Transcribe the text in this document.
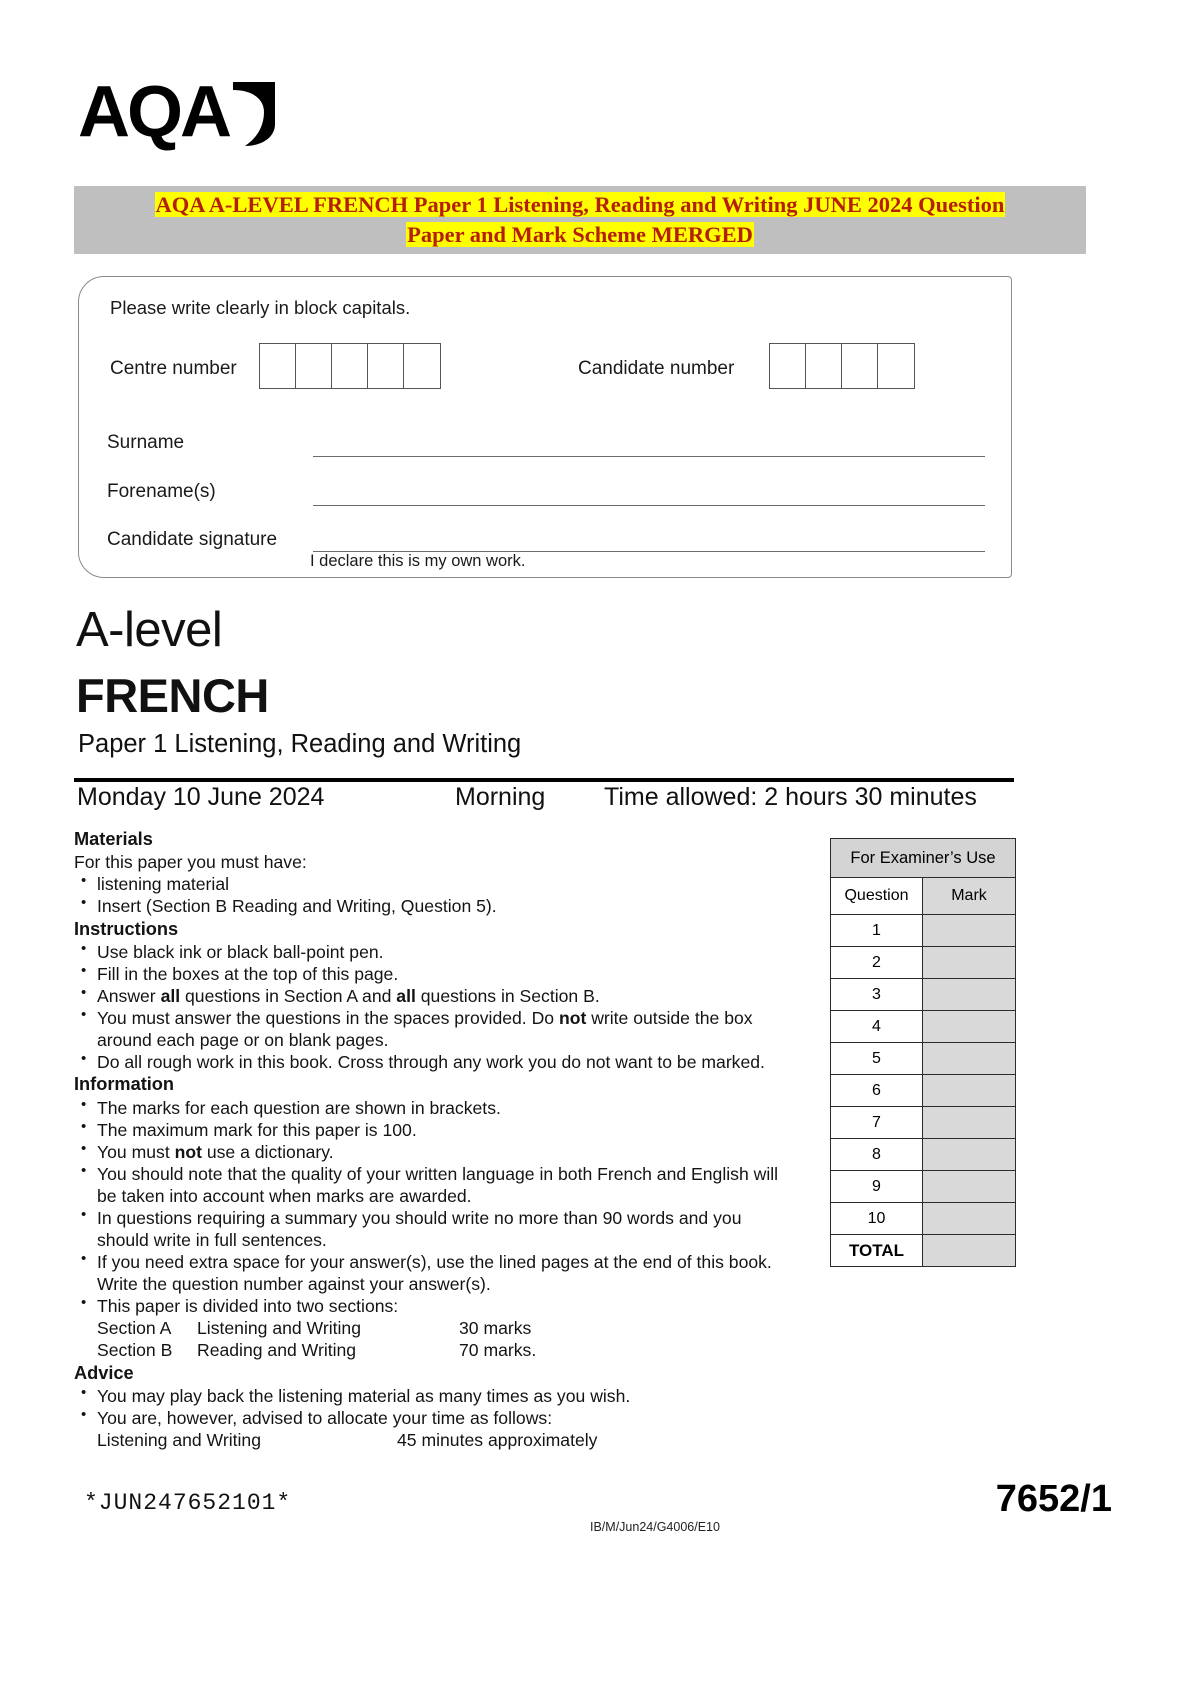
AQA
AQA A-LEVEL FRENCH Paper 1 Listening, Reading and Writing JUNE 2024 Question
Paper and Mark Scheme MERGED
Please write clearly in block capitals.
Centre number	Candidate number
Surname
Forename(s)
Candidate signature
I declare this is my own work.
A-level
FRENCH
Paper 1 Listening, Reading and Writing
Monday 10 June 2024	Morning Time allowed: 2 hours 30 minutes
Materials

For this paper you must have:

• listening material
• Insert (Section B Reading and Writing, Question 5).
Instructions
• Use black ink or black ball-point pen.
• Fill in the boxes at the top of this page.
• Answer all questions in Section A and all questions in Section B.
• You must answer the questions in the spaces provided. Do not write outside the box around each page or on blank pages.
• Do all rough work in this book. Cross through any work you do not want to be marked.
Information
• The marks for each question are shown in brackets.
• The maximum mark for this paper is 100.
• You must not use a dictionary.
• You should note that the quality of your written language in both French and English will be taken into account when marks are awarded.
• In questions requiring a summary you should write no more than 90 words and you should write in full sentences.
• If you need extra space for your answer(s), use the lined pages at the end of this book. Write the question number against your answer(s).
• This paper is divided into two sections:
Section A	Listening and Writing	30 marks
Section B	Reading and Writing	70 marks.
Advice
• You may play back the listening material as many times as you wish.
• You are, however, advised to allocate your time as follows:
Listening and Writing	45 minutes approximately
For Examiner’s Use	
Question	Mark
1	
2	
3	
4	
5	
6	
7	
8	
9	
10	
TOTAL	
*JUN247652101*
IB/M/Jun24/G4006/E10
7652/1
